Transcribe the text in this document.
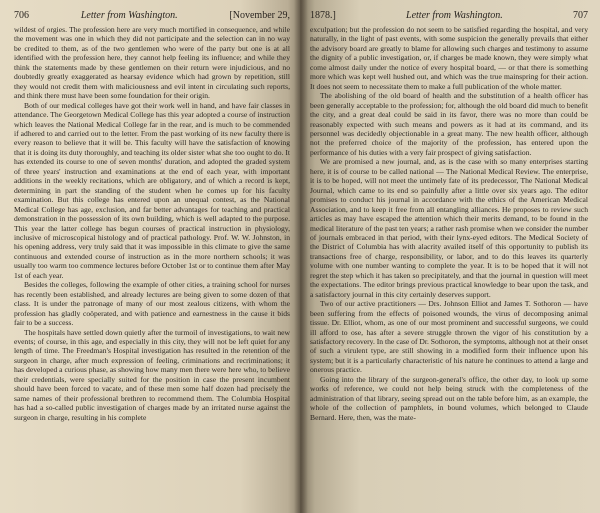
706	Letter from Washington.	[November 29,

wildest of orgies. The profession here are very much mortified in consequence, and while the movement was one in which they did not participate and the selection can in no way be credited to them, as of the two gentlemen who were of the party but one is at all identified with the profession here, they cannot help feeling its influence; and while they think the statements made by these gentlemen on their return were injudicious, and no doubtedly greatly exaggerated as hearsay evidence which had grown by repetition, still they would not credit them with maliciousness and evil intent in circulating such reports, and think there must have been some foundation for their origin.

Both of our medical colleges have got their work well in hand, and have fair classes in attendance. The Georgetown Medical College has this year adopted a course of instruction which leaves the National Medical College far in the rear, and is much to be commended if adhered to and carried out to the letter. From the past working of its new faculty there is every reason to believe that it will be. This faculty will have the satisfaction of knowing that it is doing its duty thoroughly, and teaching its older sister what she too ought to do. It has extended its course to one of seven months' duration, and adopted the graded system of three years' instruction and examinations at the end of each year, with important additions in the weekly recitations, which are obligatory, and of which a record is kept, determining in part the standing of the student when he comes up for his faculty examination. But this college has entered upon an unequal contest, as the National Medical College has age, exclusion, and far better advantages for teaching and practical demonstration in the possession of its own building, which is well adapted to the purpose. This year the latter college has begun courses of practical instruction in physiology, inclusive of microscopical histology and of practical pathology. Prof. W. W. Johnston, in his opening address, very truly said that it was impossible in this climate to give the same continuous and extended course of instruction as in the more northern schools; it was usually too warm too commence lectures before October 1st or to continue them after May 1st of each year.

Besides the colleges, following the example of other cities, a training school for nurses has recently been established, and already lectures are being given to some dozen of that class. It is under the patronage of many of our most zealous citizens, with whom the profession has gladly coöperated, and with patience and earnestness in the cause it bids fair to be a success.

The hospitals have settled down quietly after the turmoil of investigations, to wait new events; of course, in this age, and especially in this city, they will not be left quiet for any length of time. The Freedman's Hospital investigation has resulted in the retention of the surgeon in charge, after much expression of feeling, criminations and recriminations; it has developed a curious phase, as showing how many men there were here who, to believe their credentials, were specially suited for the position in case the present incumbent should have been forced to vacate, and of these men some half dozen had precisely the same names of their professional brethren to recommend them. The Columbia Hospital has had a so-called public investigation of charges made by an irritated nurse against the surgeon in charge, resulting in his complete

1878.]	Letter from Washington.	707

exculpation; but the profession do not seem to be satisfied regarding the hospital, and very naturally, in the light of past events, with some suspicion the generally prevails that either the advisory board are greatly to blame for allowing such charges and testimony to assume the dignity of a public investigation, or, if charges be made known, they were simply what come almost daily under the notice of every hospital board, — or that there is something more which was kept well hushed out, and which was the true mainspring for their action. It does not seem to necessitate them to make a full publication of the whole matter.

The abolishing of the old board of health and the substitution of a health officer has been generally acceptable to the profession; for, although the old board did much to benefit the city, and a great deal could be said in its favor, there was no more than could be reasonably expected with such means and powers as it had at its command, and its personnel was decidedly objectionable in a great many. The new health officer, although not the preferred choice of the majority of the profession, has entered upon the performance of his duties with a very fair prospect of giving satisfaction.

We are promised a new journal, and, as is the case with so many enterprises starting here, it is of course to be called national — The National Medical Review. The enterprise, it is to be hoped, will not meet the untimely fate of its predecessor, The National Medical Journal, which came to its end so painfully after a little over six years ago. The editor promises to conduct his journal in accordance with the ethics of the American Medical Association, and to keep it free from all entangling alliances. He proposes to review such articles as may have escaped the attention which their merits demand, to be found in the medical literature of the past ten years; a rather rash promise when we consider the number of journals embraced in that period, with their lynx-eyed editors. The Medical Society of the District of Columbia has with alacrity availed itself of this opportunity to publish its transactions free of charge, responsibility, or labor, and to do this leaves its quarterly volume with one number wanting to complete the year. It is to be hoped that it will not regret the step which it has taken so precipitately, and that the journal in question will meet the expectations. The editor brings previous practical knowledge to bear upon the task, and a satisfactory journal in this city certainly deserves support.

Two of our active practitioners — Drs. Johnson Elliot and James T. Sothoron — have been suffering from the effects of poisoned wounds, the virus of decomposing animal tissue. Dr. Elliot, whom, as one of our most prominent and successful surgeons, we could ill afford to ose, has after a severe struggle thrown the vigor of his constitution by a satisfactory recovery. In the case of Dr. Sothoron, the symptoms, although not at their onset of such a virulent type, are still showing in a modified form their influence upon his system; but it is a particularly characteristic of his nature he continues to attend a large and onerous practice.

Going into the library of the surgeon-general's office, the other day, to look up some works of reference, we could not help being struck with the completeness of the administration of that library, seeing spread out on the table before him, as an example, the whole of the collection of pamphlets, in bound volumes, which belonged to Claude Bernard. Here, then, was the mate-
